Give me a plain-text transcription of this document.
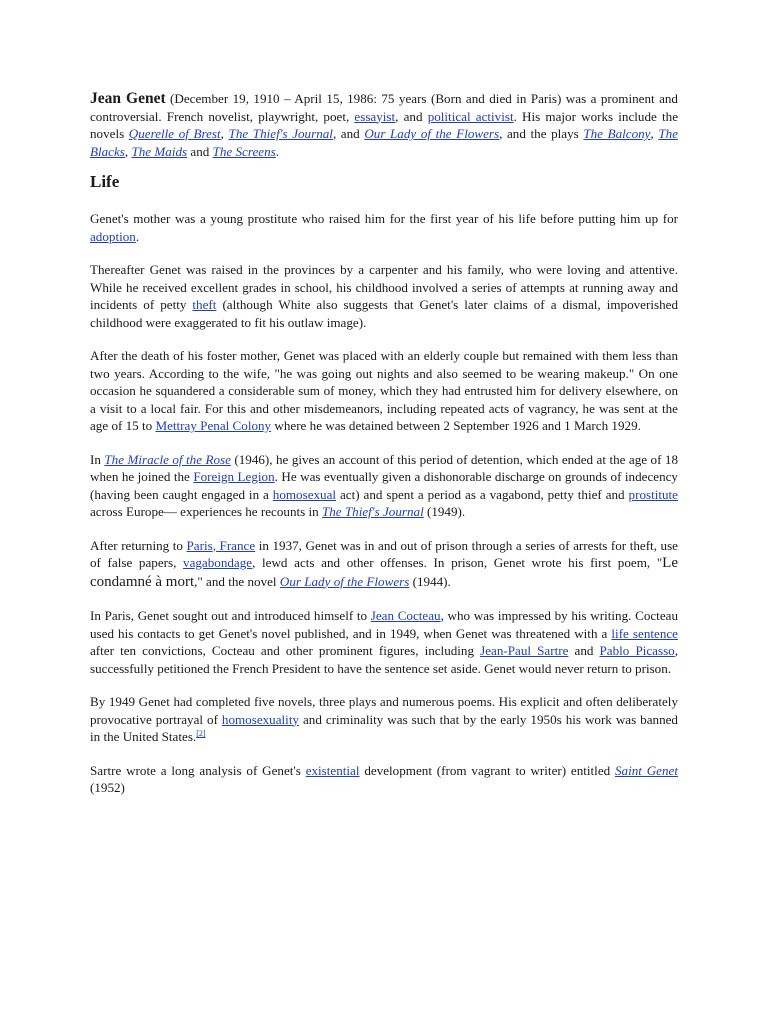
Jean Genet (December 19, 1910 – April 15, 1986: 75 years (Born and died in Paris) was a prominent and controversial. French novelist, playwright, poet, essayist, and political activist. His major works include the novels Querelle of Brest, The Thief's Journal, and Our Lady of the Flowers, and the plays The Balcony, The Blacks, The Maids and The Screens.

Life

Genet's mother was a young prostitute who raised him for the first year of his life before putting him up for adoption.

Thereafter Genet was raised in the provinces by a carpenter and his family, who were loving and attentive. While he received excellent grades in school, his childhood involved a series of attempts at running away and incidents of petty theft (although White also suggests that Genet's later claims of a dismal, impoverished childhood were exaggerated to fit his outlaw image).

After the death of his foster mother, Genet was placed with an elderly couple but remained with them less than two years. According to the wife, "he was going out nights and also seemed to be wearing makeup." On one occasion he squandered a considerable sum of money, which they had entrusted him for delivery elsewhere, on a visit to a local fair. For this and other misdemeanors, including repeated acts of vagrancy, he was sent at the age of 15 to Mettray Penal Colony where he was detained between 2 September 1926 and 1 March 1929.

In The Miracle of the Rose (1946), he gives an account of this period of detention, which ended at the age of 18 when he joined the Foreign Legion. He was eventually given a dishonorable discharge on grounds of indecency (having been caught engaged in a homosexual act) and spent a period as a vagabond, petty thief and prostitute across Europe— experiences he recounts in The Thief's Journal (1949).

After returning to Paris, France in 1937, Genet was in and out of prison through a series of arrests for theft, use of false papers, vagabondage, lewd acts and other offenses. In prison, Genet wrote his first poem, "Le condamné à mort," and the novel Our Lady of the Flowers (1944).

In Paris, Genet sought out and introduced himself to Jean Cocteau, who was impressed by his writing. Cocteau used his contacts to get Genet's novel published, and in 1949, when Genet was threatened with a life sentence after ten convictions, Cocteau and other prominent figures, including Jean-Paul Sartre and Pablo Picasso, successfully petitioned the French President to have the sentence set aside. Genet would never return to prison.

By 1949 Genet had completed five novels, three plays and numerous poems. His explicit and often deliberately provocative portrayal of homosexuality and criminality was such that by the early 1950s his work was banned in the United States.[2]

Sartre wrote a long analysis of Genet's existential development (from vagrant to writer) entitled Saint Genet (1952)
